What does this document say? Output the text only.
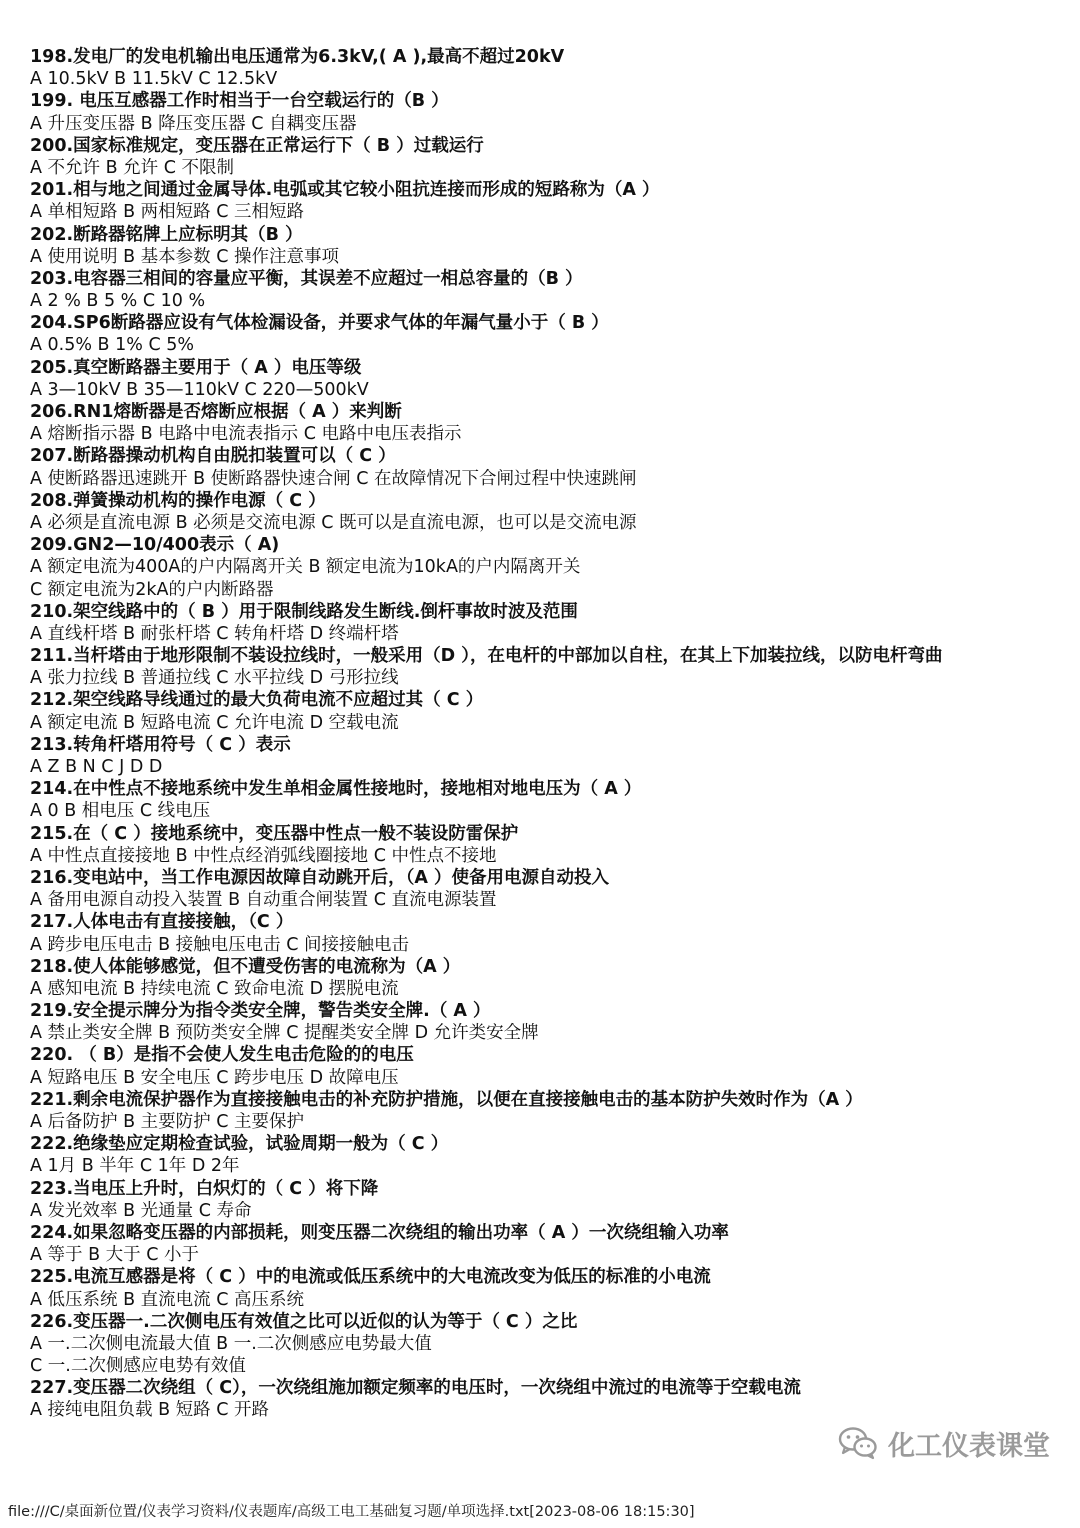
198.发电厂的发电机输出电压通常为6.3kV,( A ),最高不超过20kV
A 10.5kV B 11.5kV C 12.5kV
199. 电压互感器工作时相当于一台空载运行的（B ）
A 升压变压器 B 降压变压器 C 自耦变压器
200.国家标准规定，变压器在正常运行下（ B ）过载运行
A 不允许 B 允许 C 不限制
201.相与地之间通过金属导体.电弧或其它较小阻抗连接而形成的短路称为（A ）
A 单相短路 B 两相短路 C 三相短路
202.断路器铭牌上应标明其（B ）
A 使用说明 B 基本参数 C 操作注意事项
203.电容器三相间的容量应平衡，其误差不应超过一相总容量的（B ）
A 2 % B 5 % C 10 %
204.SP6断路器应设有气体检漏设备，并要求气体的年漏气量小于（ B ）
A 0.5% B 1% C 5%
205.真空断路器主要用于（ A ）电压等级
A 3—10kV B 35—110kV C 220—500kV
206.RN1熔断器是否熔断应根据（ A ）来判断
A 熔断指示器 B 电路中电流表指示 C 电路中电压表指示
207.断路器操动机构自由脱扣装置可以（ C ）
A 使断路器迅速跳开 B 使断路器快速合闸 C 在故障情况下合闸过程中快速跳闸
208.弹簧操动机构的操作电源（ C ）
A 必须是直流电源 B 必须是交流电源 C 既可以是直流电源，也可以是交流电源
209.GN2—10/400表示（ A)
A 额定电流为400A的户内隔离开关 B 额定电流为10kA的户内隔离开关
C 额定电流为2kA的户内断路器
210.架空线路中的（ B ）用于限制线路发生断线.倒杆事故时波及范围
A 直线杆塔 B 耐张杆塔 C 转角杆塔 D 终端杆塔
211.当杆塔由于地形限制不装设拉线时，一般采用（D ），在电杆的中部加以自柱，在其上下加装拉线，以防电杆弯曲
A 张力拉线 B 普通拉线 C 水平拉线 D 弓形拉线
212.架空线路导线通过的最大负荷电流不应超过其（ C ）
A 额定电流 B 短路电流 C 允许电流 D 空载电流
213.转角杆塔用符号（ C ）表示
A Z B N C J D D
214.在中性点不接地系统中发生单相金属性接地时，接地相对地电压为（ A ）
A 0 B 相电压 C 线电压
215.在（ C ）接地系统中，变压器中性点一般不装设防雷保护
A 中性点直接接地 B 中性点经消弧线圈接地 C 中性点不接地
216.变电站中，当工作电源因故障自动跳开后，（A ）使备用电源自动投入
A 备用电源自动投入装置 B 自动重合闸装置 C 直流电源装置
217.人体电击有直接接触，（C ）
A 跨步电压电击 B 接触电压电击 C 间接接触电击
218.使人体能够感觉，但不遭受伤害的电流称为（A ）
A 感知电流 B 持续电流 C 致命电流 D 摆脱电流
219.安全提示牌分为指令类安全牌，警告类安全牌.（ A ）
A 禁止类安全牌 B 预防类安全牌 C 提醒类安全牌 D 允许类安全牌
220. （ B）是指不会使人发生电击危险的的电压
A 短路电压 B 安全电压 C 跨步电压 D 故障电压
221.剩余电流保护器作为直接接触电击的补充防护措施，以便在直接接触电击的基本防护失效时作为（A ）
A 后备防护 B 主要防护 C 主要保护
222.绝缘垫应定期检查试验，试验周期一般为（ C ）
A 1月 B 半年 C 1年 D 2年
223.当电压上升时，白炽灯的（ C ）将下降
A 发光效率 B 光通量 C 寿命
224.如果忽略变压器的内部损耗，则变压器二次绕组的输出功率（ A ）一次绕组输入功率
A 等于 B 大于 C 小于
225.电流互感器是将（ C ）中的电流或低压系统中的大电流改变为低压的标准的小电流
A 低压系统 B 直流电流 C 高压系统
226.变压器一.二次侧电压有效值之比可以近似的认为等于（ C ）之比
A 一.二次侧电流最大值 B 一.二次侧感应电势最大值
C 一.二次侧感应电势有效值
227.变压器二次绕组（ C），一次绕组施加额定频率的电压时，一次绕组中流过的电流等于空载电流
A 接纯电阻负载 B 短路 C 开路
化工仪表课堂
file:///C/桌面新位置/仪表学习资料/仪表题库/高级工电工基础复习题/单项选择.txt[2023-08-06 18:15:30]
